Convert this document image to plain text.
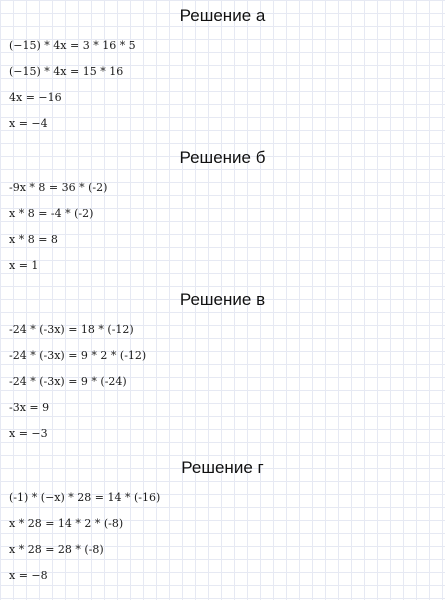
Решение а
(−15) * 4x = 3 * 16 * 5
(−15) * 4x = 15 * 16
4x = −16
x = −4
Решение б
-9x * 8 = 36 * (-2)
x * 8 = -4 * (-2)
x * 8 = 8
x = 1
Решение в
-24 * (-3x) = 18 * (-12)
-24 * (-3x) = 9 * 2 * (-12)
-24 * (-3x) = 9 * (-24)
-3x = 9
x = −3
Решение г
(-1) * (−x) * 28 = 14 * (-16)
x * 28 = 14 * 2 * (-8)
x * 28 = 28 * (-8)
x = −8
